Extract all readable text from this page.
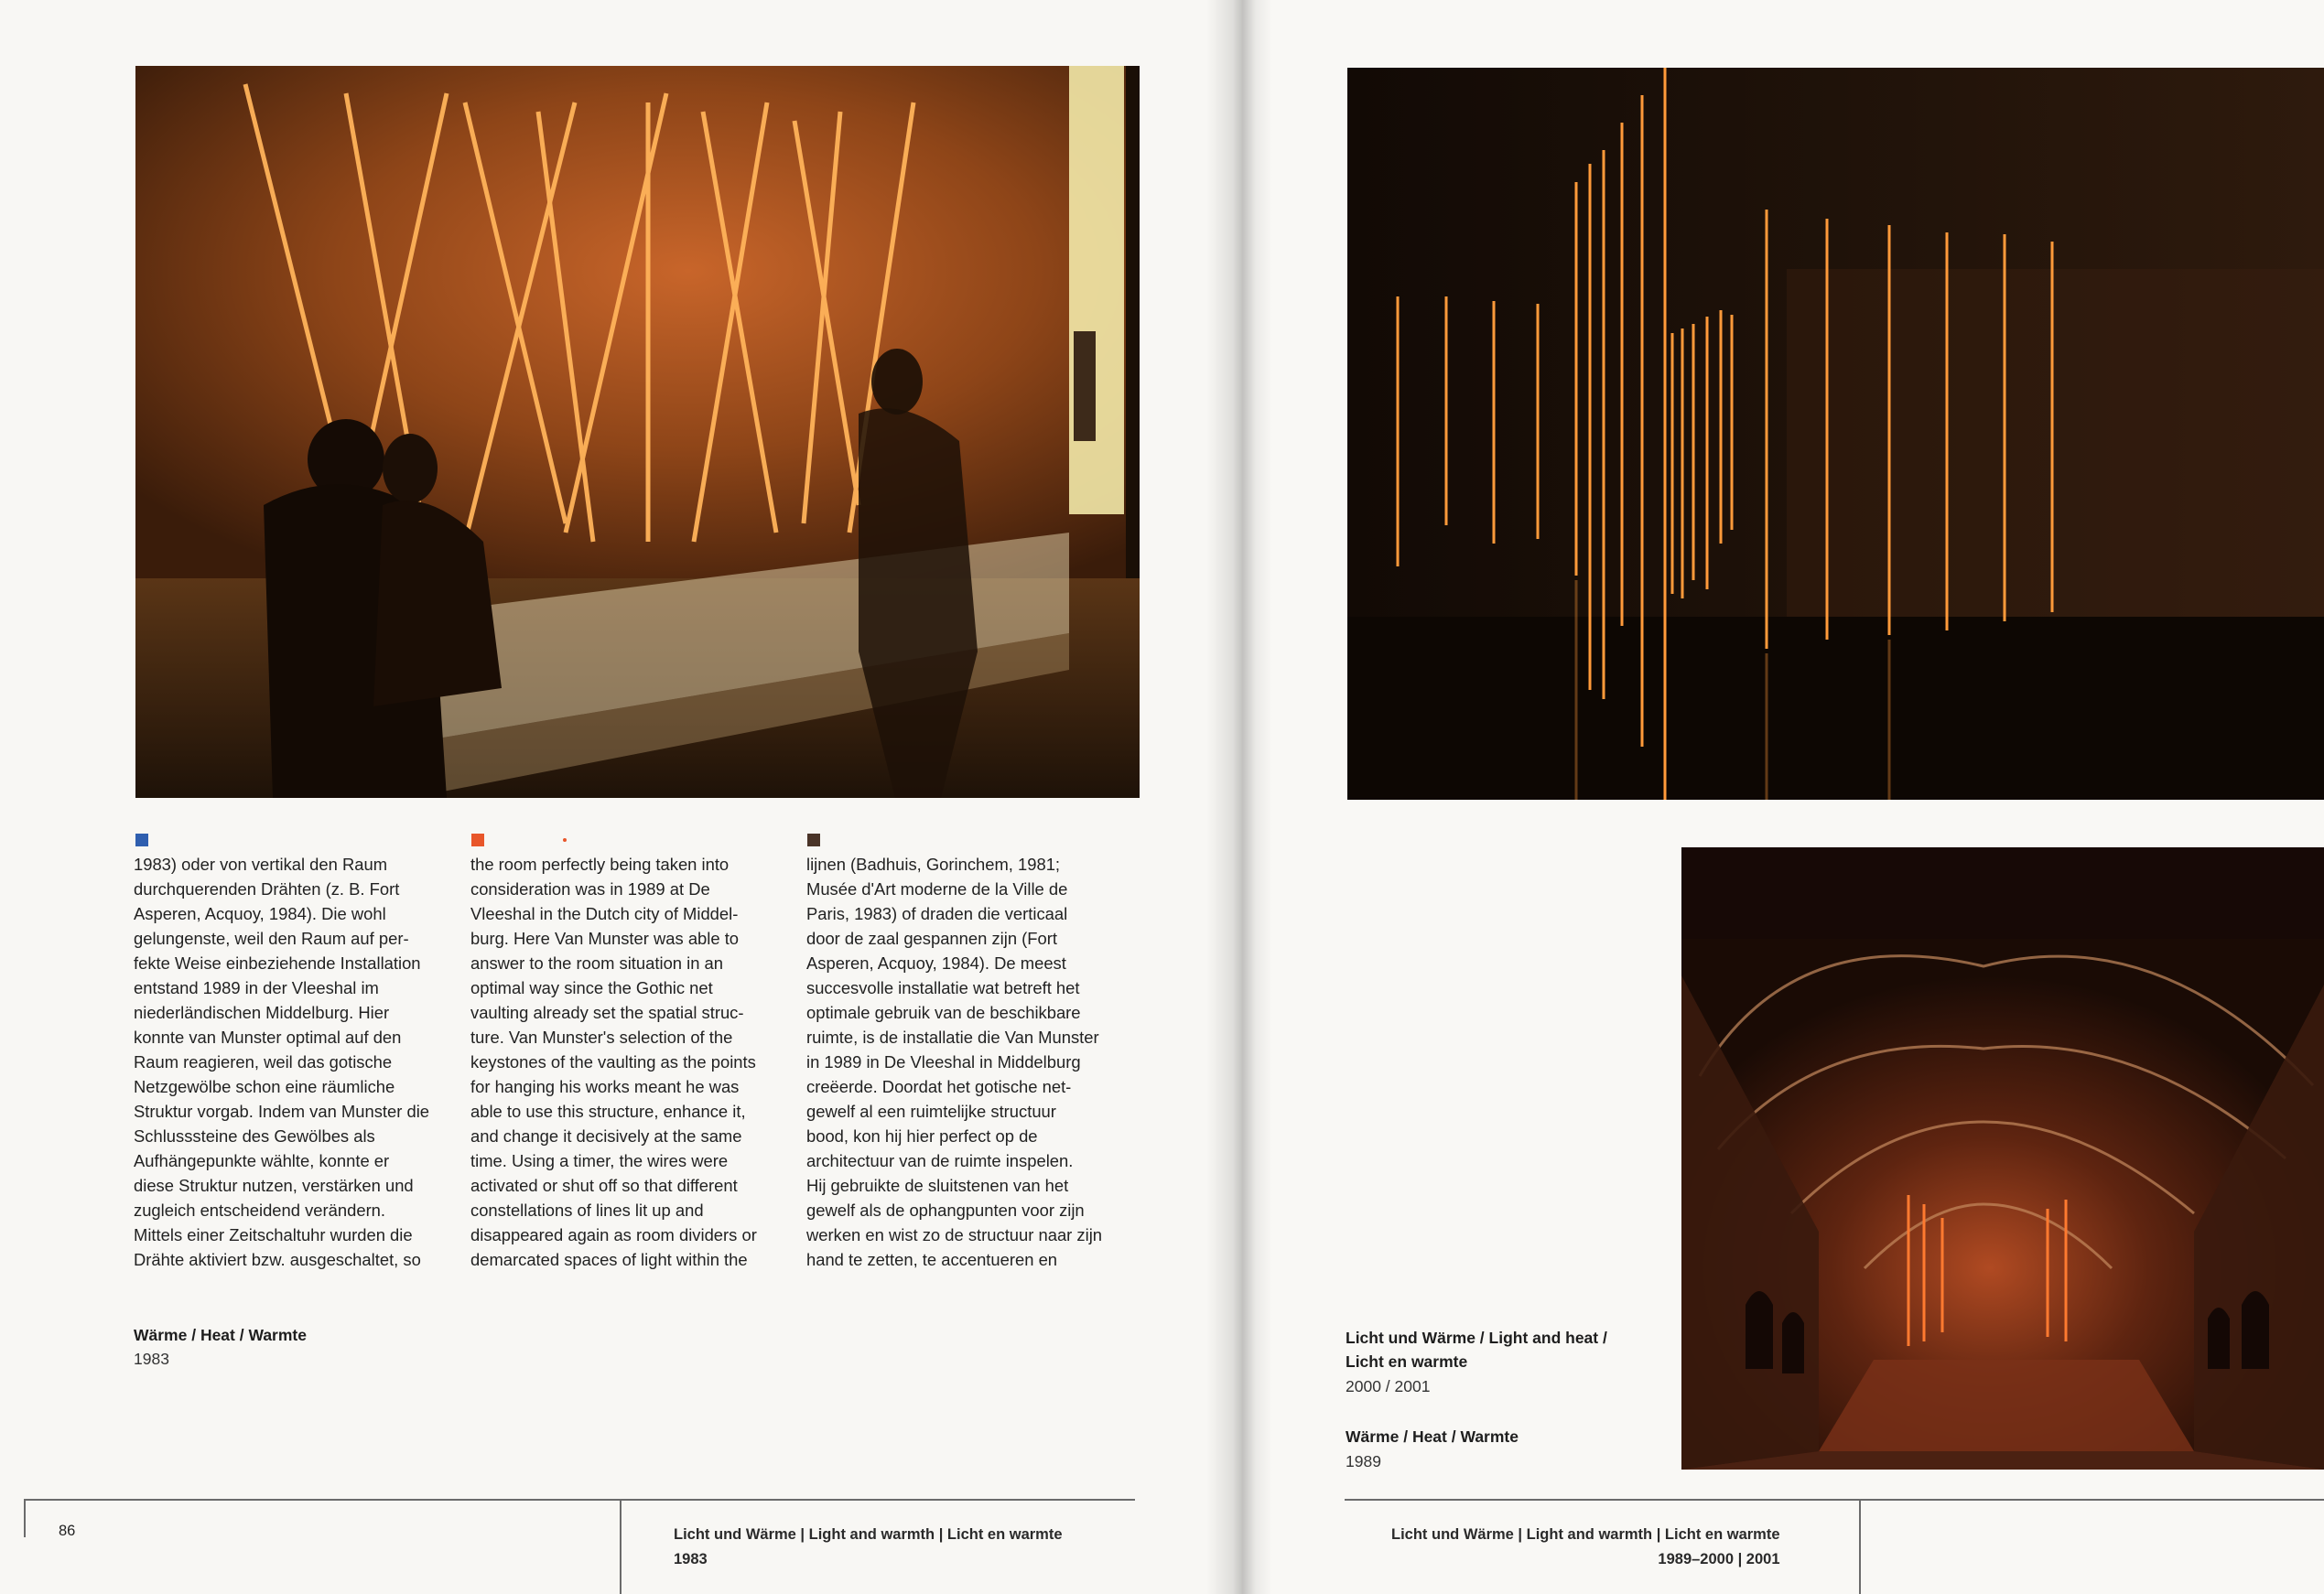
1983) oder von vertikal den Raum
durchquerenden Drähten (z. B. Fort
Asperen, Acquoy, 1984). Die wohl
gelungenste, weil den Raum auf per-
fekte Weise einbeziehende Installation
entstand 1989 in der Vleeshal im
niederländischen Middelburg. Hier
konnte van Munster optimal auf den
Raum reagieren, weil das gotische
Netzgewölbe schon eine räumliche
Struktur vorgab. Indem van Munster die
Schlusssteine des Gewölbes als
Aufhängepunkte wählte, konnte er
diese Struktur nutzen, verstärken und
zugleich entscheidend verändern.
Mittels einer Zeitschaltuhr wurden die
Drähte aktiviert bzw. ausgeschaltet, so

the room perfectly being taken into
consideration was in 1989 at De
Vleeshal in the Dutch city of Middel-
burg. Here Van Munster was able to
answer to the room situation in an
optimal way since the Gothic net
vaulting already set the spatial struc-
ture. Van Munster's selection of the
keystones of the vaulting as the points
for hanging his works meant he was
able to use this structure, enhance it,
and change it decisively at the same
time. Using a timer, the wires were
activated or shut off so that different
constellations of lines lit up and
disappeared again as room dividers or
demarcated spaces of light within the

lijnen (Badhuis, Gorinchem, 1981;
Musée d'Art moderne de la Ville de
Paris, 1983) of draden die verticaal
door de zaal gespannen zijn (Fort
Asperen, Acquoy, 1984). De meest
succesvolle installatie wat betreft het
optimale gebruik van de beschikbare
ruimte, is de installatie die Van Munster
in 1989 in De Vleeshal in Middelburg
creëerde. Doordat het gotische net-
gewelf al een ruimtelijke structuur
bood, kon hij hier perfect op de
architectuur van de ruimte inspelen.
Hij gebruikte de sluitstenen van het
gewelf als de ophangpunten voor zijn
werken en wist zo de structuur naar zijn
hand te zetten, te accentueren en

Wärme / Heat / Warmte
1983
86	Licht und Wärme | Light and warmth | Licht en warmte
1983
Licht und Wärme / Light and heat /
Licht en warmte
2000 / 2001
Wärme / Heat / Warmte
1989
Licht und Wärme | Light and warmth | Licht en warmte
1989–2000 | 2001
